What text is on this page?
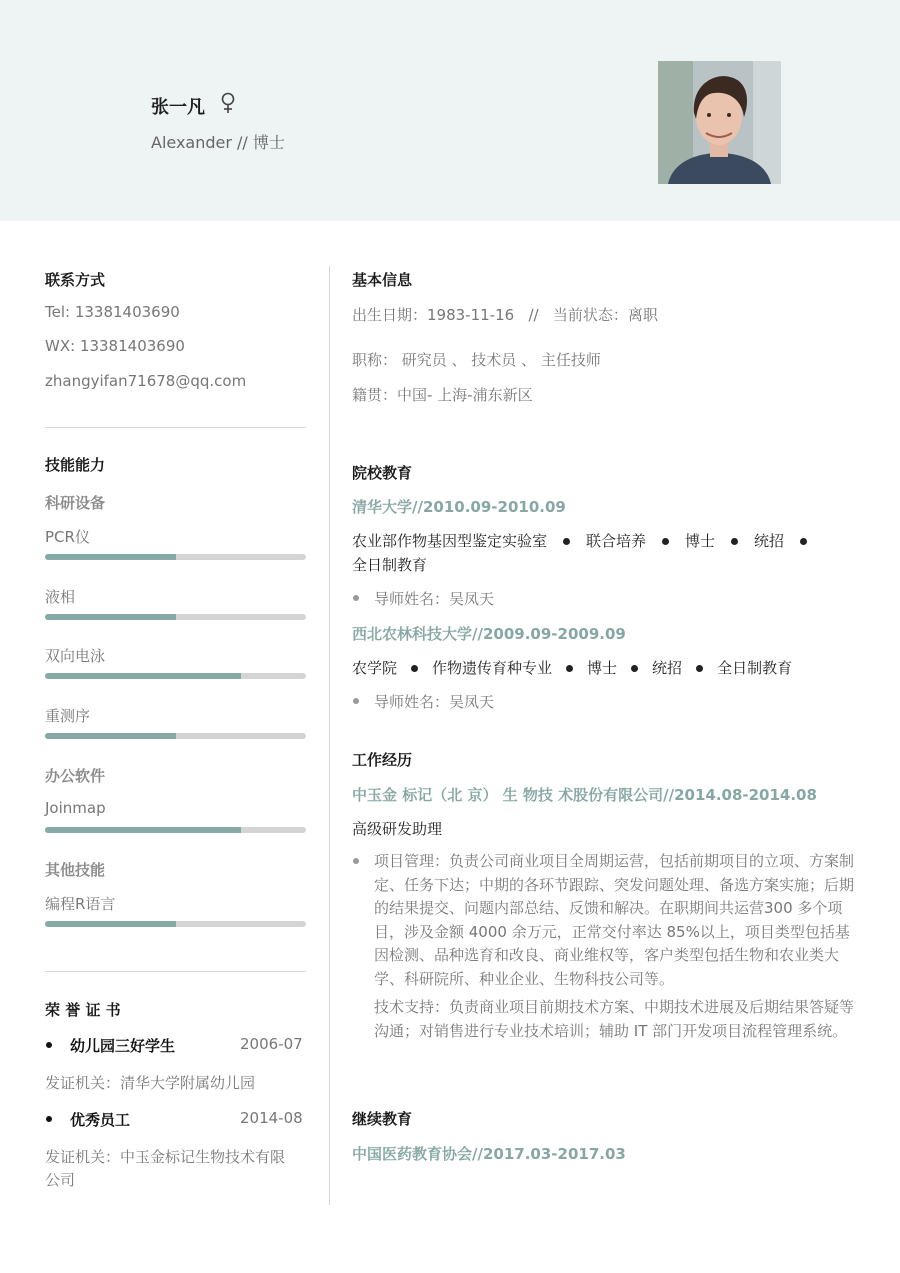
张一凡
Alexander // 博士
联系方式
Tel: 13381403690
WX: 13381403690
zhangyifan71678@qq.com
技能能力
科研设备
PCR仪
液相
双向电泳
重测序
办公软件
Joinmap
其他技能
编程R语言
荣 誉 证 书
幼儿园三好学生	2006-07
发证机关：清华大学附属幼儿园
优秀员工	2014-08
发证机关：中玉金标记生物技术有限
公司
基本信息
出生日期：1983-11-16   //   当前状态：离职
职称： 研究员 、 技术员 、 主任技师
籍贯：中国- 上海-浦东新区
院校教育
清华大学//2010.09-2010.09
农业部作物基因型鉴定实验室	联合培养	博士	统招
全日制教育
导师姓名：吴凤天
西北农林科技大学//2009.09-2009.09
农学院 作物遗传育种专业 博士 统招 全日制教育
导师姓名：吴凤天
工作经历
中玉金 标记（北 京） 生 物技 术股份有限公司//2014.08-2014.08
高级研发助理
项目管理：负责公司商业项目全周期运营，包括前期项目的立项、方案制定、任务下达；中期的各环节跟踪、突发问题处理、备选方案实施；后期的结果提交、问题内部总结、反馈和解决。在职期间共运营300 多个项目，涉及金额 4000 余万元，正常交付率达 85%以上，项目类型包括基因检测、品种选育和改良、商业维权等，客户类型包括生物和农业类大学、科研院所、种业企业、生物科技公司等。
技术支持：负责商业项目前期技术方案、中期技术进展及后期结果答疑等沟通；对销售进行专业技术培训；辅助 IT 部门开发项目流程管理系统。
继续教育
中国医药教育协会//2017.03-2017.03
